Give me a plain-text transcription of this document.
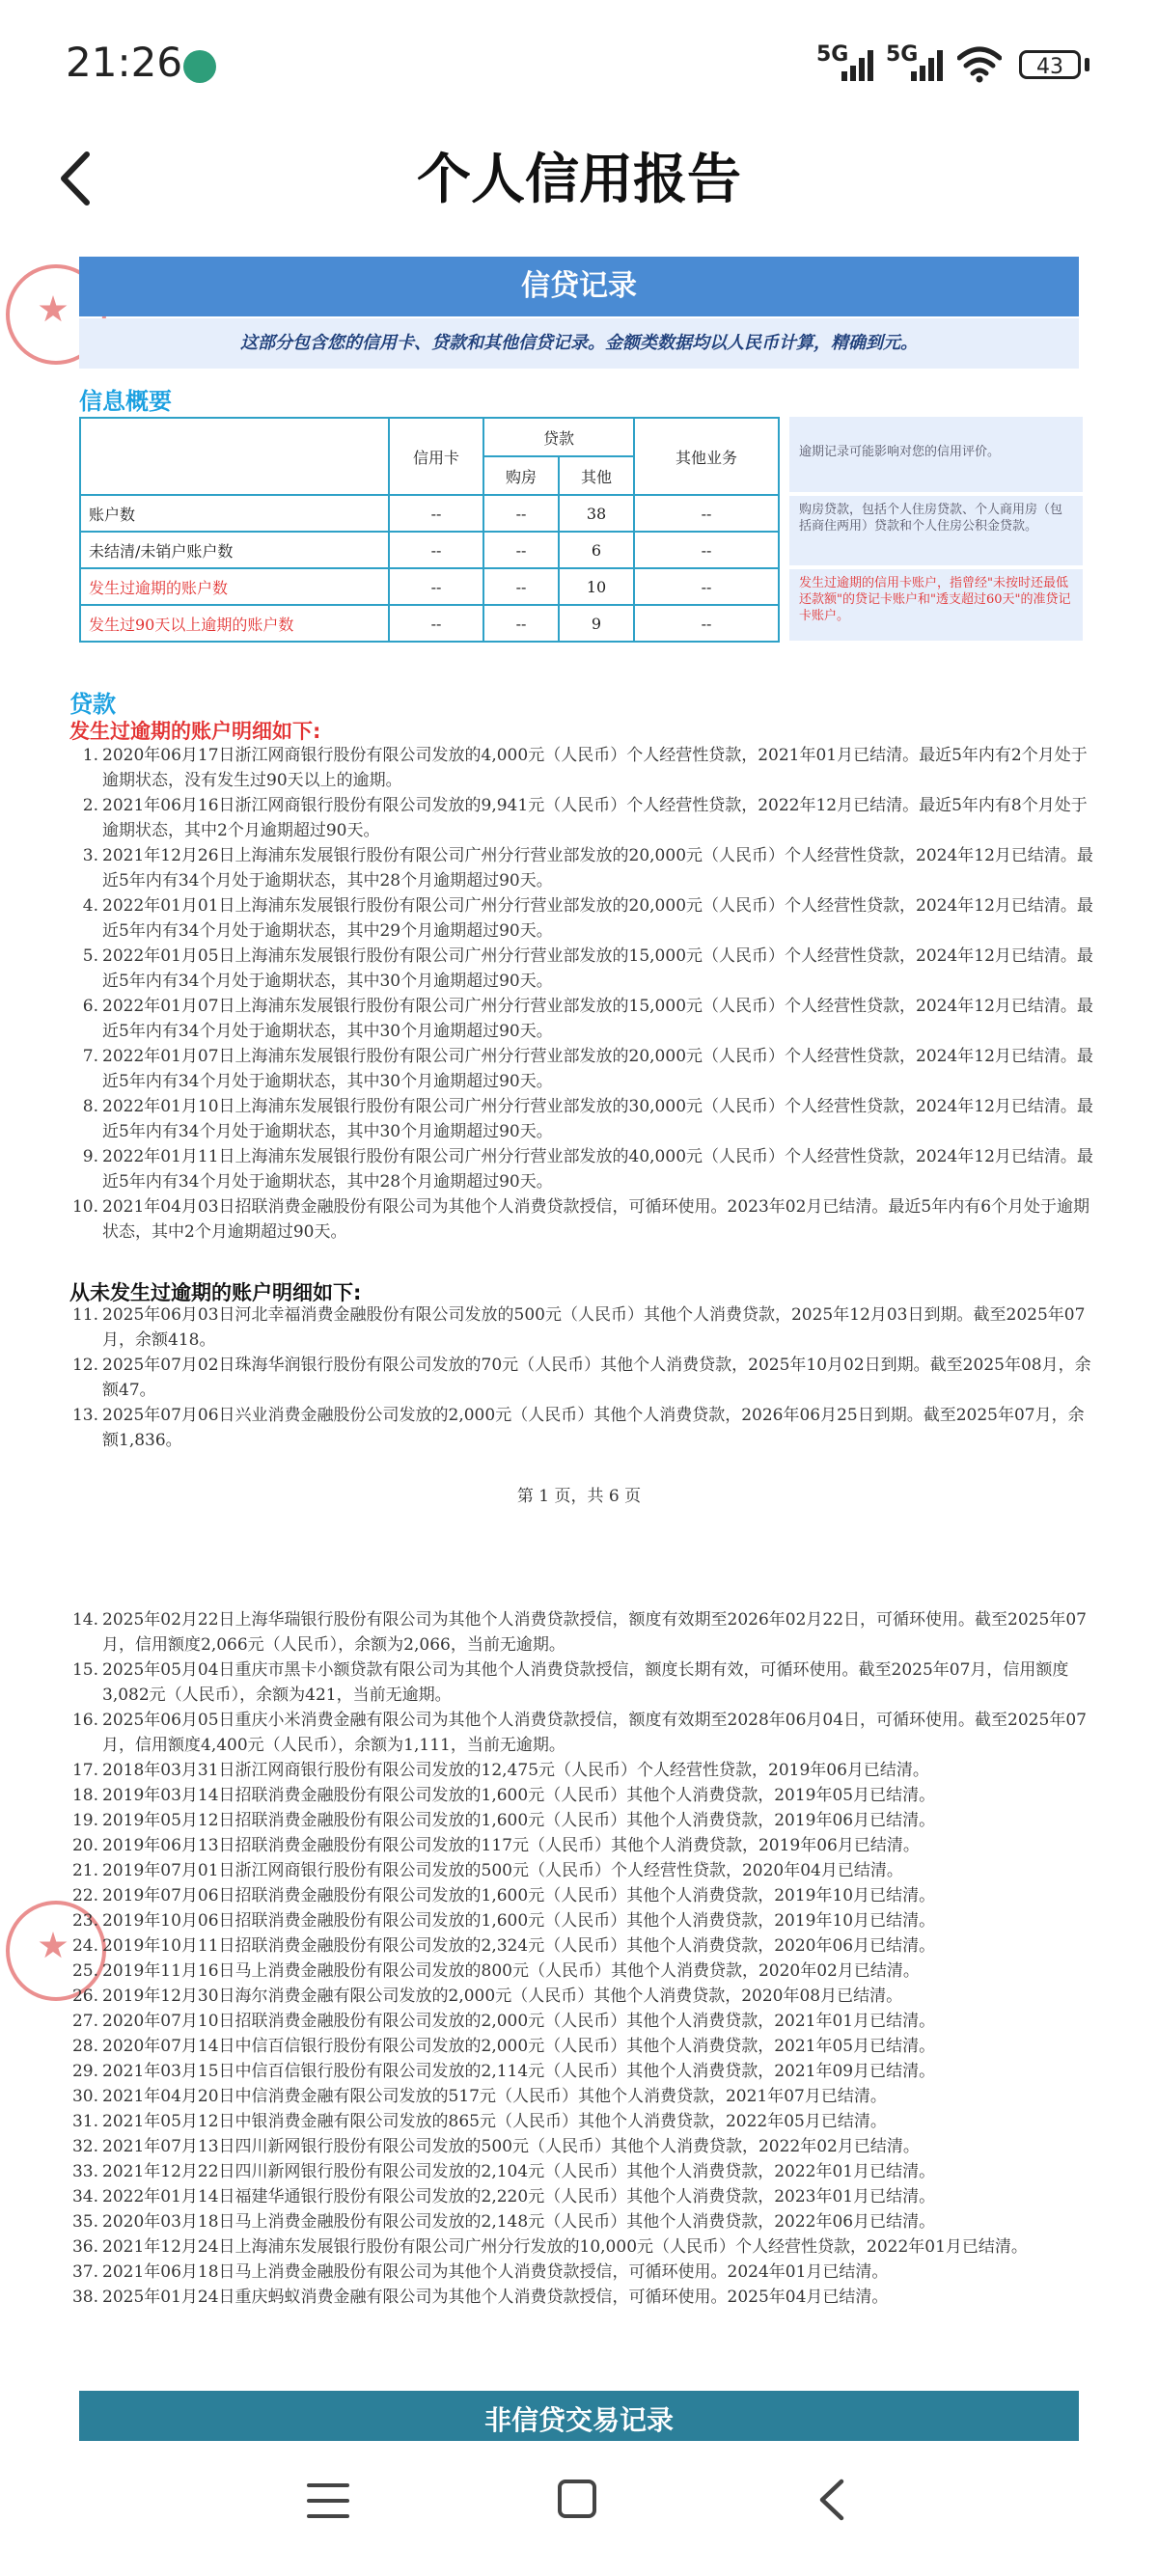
21:26	5G 5G
43
个人信用报告
信贷记录
这部分包含您的信用卡、贷款和其他信贷记录。金额类数据均以人民币计算，精确到元。
信息概要
	信用卡	贷款		其他业务
		购房	其他	
账户数	--	--	38	--
未结清/未销户账户数	--	--	6	--
发生过逾期的账户数	--	--	10	--
发生过90天以上逾期的账户数	--	--	9	--
逾期记录可能影响对您的信用评价。
购房贷款，包括个人住房贷款、个人商用房（包括商住两用）贷款和个人住房公积金贷款。
发生过逾期的信用卡账户，指曾经"未按时还最低还款额"的贷记卡账户和"透支超过60天"的准贷记卡账户。
贷款
发生过逾期的账户明细如下:
1. 2020年06月17日浙江网商银行股份有限公司发放的4,000元（人民币）个人经营性贷款，2021年01月已结清。最近5年内有2个月处于逾期状态，没有发生过90天以上的逾期。
2. 2021年06月16日浙江网商银行股份有限公司发放的9,941元（人民币）个人经营性贷款，2022年12月已结清。最近5年内有8个月处于逾期状态，其中2个月逾期超过90天。
3. 2021年12月26日上海浦东发展银行股份有限公司广州分行营业部发放的20,000元（人民币）个人经营性贷款，2024年12月已结清。最近5年内有34个月处于逾期状态，其中28个月逾期超过90天。
4. 2022年01月01日上海浦东发展银行股份有限公司广州分行营业部发放的20,000元（人民币）个人经营性贷款，2024年12月已结清。最近5年内有34个月处于逾期状态，其中29个月逾期超过90天。
5. 2022年01月05日上海浦东发展银行股份有限公司广州分行营业部发放的15,000元（人民币）个人经营性贷款，2024年12月已结清。最近5年内有34个月处于逾期状态，其中30个月逾期超过90天。
6. 2022年01月07日上海浦东发展银行股份有限公司广州分行营业部发放的15,000元（人民币）个人经营性贷款，2024年12月已结清。最近5年内有34个月处于逾期状态，其中30个月逾期超过90天。
7. 2022年01月07日上海浦东发展银行股份有限公司广州分行营业部发放的20,000元（人民币）个人经营性贷款，2024年12月已结清。最近5年内有34个月处于逾期状态，其中30个月逾期超过90天。
8. 2022年01月10日上海浦东发展银行股份有限公司广州分行营业部发放的30,000元（人民币）个人经营性贷款，2024年12月已结清。最近5年内有34个月处于逾期状态，其中30个月逾期超过90天。
9. 2022年01月11日上海浦东发展银行股份有限公司广州分行营业部发放的40,000元（人民币）个人经营性贷款，2024年12月已结清。最近5年内有34个月处于逾期状态，其中28个月逾期超过90天。
10. 2021年04月03日招联消费金融股份有限公司为其他个人消费贷款授信，可循环使用。2023年02月已结清。最近5年内有6个月处于逾期状态，其中2个月逾期超过90天。
从未发生过逾期的账户明细如下:
11. 2025年06月03日河北幸福消费金融股份有限公司发放的500元（人民币）其他个人消费贷款，2025年12月03日到期。截至2025年07月，余额418。
12. 2025年07月02日珠海华润银行股份有限公司发放的70元（人民币）其他个人消费贷款，2025年10月02日到期。截至2025年08月，余额47。
13. 2025年07月06日兴业消费金融股份公司发放的2,000元（人民币）其他个人消费贷款，2026年06月25日到期。截至2025年07月，余额1,836。
第 1 页，共 6 页
14. 2025年02月22日上海华瑞银行股份有限公司为其他个人消费贷款授信，额度有效期至2026年02月22日，可循环使用。截至2025年07月，信用额度2,066元（人民币），余额为2,066，当前无逾期。
15. 2025年05月04日重庆市黑卡小额贷款有限公司为其他个人消费贷款授信，额度长期有效，可循环使用。截至2025年07月，信用额度3,082元（人民币），余额为421，当前无逾期。
16. 2025年06月05日重庆小米消费金融有限公司为其他个人消费贷款授信，额度有效期至2028年06月04日，可循环使用。截至2025年07月，信用额度4,400元（人民币），余额为1,111，当前无逾期。
17. 2018年03月31日浙江网商银行股份有限公司发放的12,475元（人民币）个人经营性贷款，2019年06月已结清。
18. 2019年03月14日招联消费金融股份有限公司发放的1,600元（人民币）其他个人消费贷款，2019年05月已结清。
19. 2019年05月12日招联消费金融股份有限公司发放的1,600元（人民币）其他个人消费贷款，2019年06月已结清。
20. 2019年06月13日招联消费金融股份有限公司发放的117元（人民币）其他个人消费贷款，2019年06月已结清。
21. 2019年07月01日浙江网商银行股份有限公司发放的500元（人民币）个人经营性贷款，2020年04月已结清。
22. 2019年07月06日招联消费金融股份有限公司发放的1,600元（人民币）其他个人消费贷款，2019年10月已结清。
23. 2019年10月06日招联消费金融股份有限公司发放的1,600元（人民币）其他个人消费贷款，2019年10月已结清。
24. 2019年10月11日招联消费金融股份有限公司发放的2,324元（人民币）其他个人消费贷款，2020年06月已结清。
25. 2019年11月16日马上消费金融股份有限公司发放的800元（人民币）其他个人消费贷款，2020年02月已结清。
26. 2019年12月30日海尔消费金融有限公司发放的2,000元（人民币）其他个人消费贷款，2020年08月已结清。
27. 2020年07月10日招联消费金融股份有限公司发放的2,000元（人民币）其他个人消费贷款，2021年01月已结清。
28. 2020年07月14日中信百信银行股份有限公司发放的2,000元（人民币）其他个人消费贷款，2021年05月已结清。
29. 2021年03月15日中信百信银行股份有限公司发放的2,114元（人民币）其他个人消费贷款，2021年09月已结清。
30. 2021年04月20日中信消费金融有限公司发放的517元（人民币）其他个人消费贷款，2021年07月已结清。
31. 2021年05月12日中银消费金融有限公司发放的865元（人民币）其他个人消费贷款，2022年05月已结清。
32. 2021年07月13日四川新网银行股份有限公司发放的500元（人民币）其他个人消费贷款，2022年02月已结清。
33. 2021年12月22日四川新网银行股份有限公司发放的2,104元（人民币）其他个人消费贷款，2022年01月已结清。
34. 2022年01月14日福建华通银行股份有限公司发放的2,220元（人民币）其他个人消费贷款，2023年01月已结清。
35. 2020年03月18日马上消费金融股份有限公司发放的2,148元（人民币）其他个人消费贷款，2022年06月已结清。
36. 2021年12月24日上海浦东发展银行股份有限公司广州分行发放的10,000元（人民币）个人经营性贷款，2022年01月已结清。
37. 2021年06月18日马上消费金融股份有限公司为其他个人消费贷款授信，可循环使用。2024年01月已结清。
38. 2025年01月24日重庆蚂蚁消费金融有限公司为其他个人消费贷款授信，可循环使用。2025年04月已结清。
非信贷交易记录
